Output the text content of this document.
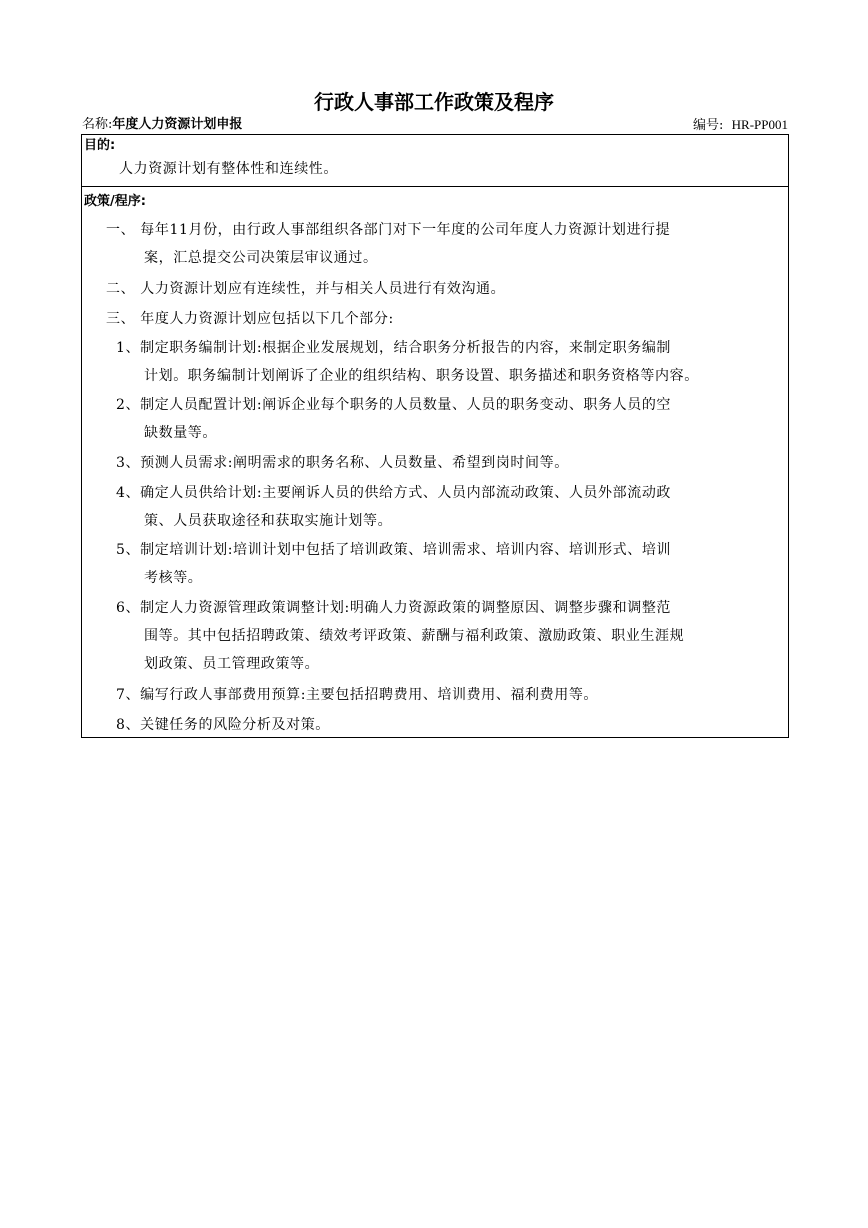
行政人事部工作政策及程序
名称:年度人力资源计划申报	编号: HR-PP001
目的:
人力资源计划有整体性和连续性。
政策/程序:
一、 每年11月份，由行政人事部组织各部门对下一年度的公司年度人力资源计划进行提
案，汇总提交公司决策层审议通过。
二、 人力资源计划应有连续性，并与相关人员进行有效沟通。
三、 年度人力资源计划应包括以下几个部分:
1、制定职务编制计划:根据企业发展规划，结合职务分析报告的内容，来制定职务编制
计划。职务编制计划阐诉了企业的组织结构、职务设置、职务描述和职务资格等内容。
2、制定人员配置计划:阐诉企业每个职务的人员数量、人员的职务变动、职务人员的空
缺数量等。
3、预测人员需求:阐明需求的职务名称、人员数量、希望到岗时间等。
4、确定人员供给计划:主要阐诉人员的供给方式、人员内部流动政策、人员外部流动政
策、人员获取途径和获取实施计划等。
5、制定培训计划:培训计划中包括了培训政策、培训需求、培训内容、培训形式、培训
考核等。
6、制定人力资源管理政策调整计划:明确人力资源政策的调整原因、调整步骤和调整范
围等。其中包括招聘政策、绩效考评政策、薪酬与福利政策、激励政策、职业生涯规
划政策、员工管理政策等。
7、编写行政人事部费用预算:主要包括招聘费用、培训费用、福利费用等。
8、关键任务的风险分析及对策。
